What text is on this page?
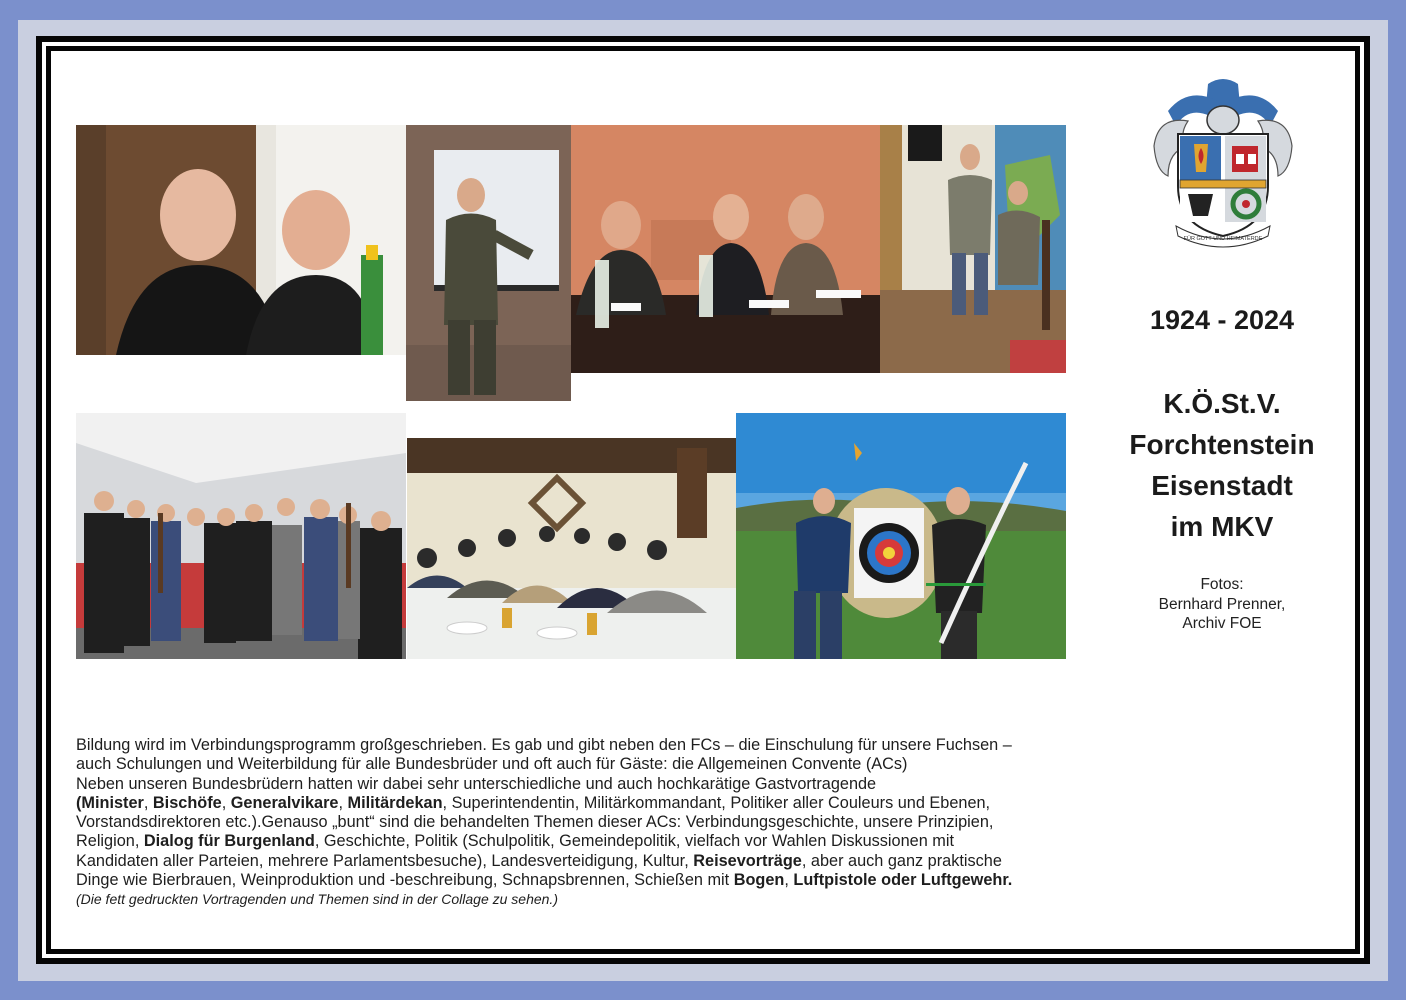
FÜR GOTT UND HEIMATERDE
1924 - 2024
K.Ö.St.V.
Forchtenstein
Eisenstadt
im MKV
Fotos:
Bernhard Prenner,
Archiv FOE
Bildung wird im Verbindungsprogramm großgeschrieben. Es gab und gibt neben den FCs – die Einschulung für unsere Fuchsen –
auch Schulungen und Weiterbildung für alle Bundesbrüder und oft auch für Gäste: die Allgemeinen Convente (ACs)
Neben unseren Bundesbrüdern hatten wir dabei sehr unterschiedliche und auch hochkarätige Gastvortragende
(Minister, Bischöfe, Generalvikare, Militärdekan, Superintendentin, Militärkommandant, Politiker aller Couleurs und Ebenen,
Vorstandsdirektoren etc.).Genauso „bunt“ sind die behandelten Themen dieser ACs: Verbindungsgeschichte, unsere Prinzipien,
Religion, Dialog für Burgenland, Geschichte, Politik (Schulpolitik, Gemeindepolitik, vielfach vor Wahlen Diskussionen mit
Kandidaten aller Parteien, mehrere Parlamentsbesuche), Landesverteidigung, Kultur, Reisevorträge, aber auch ganz praktische
Dinge wie Bierbrauen, Weinproduktion und -beschreibung, Schnapsbrennen, Schießen mit Bogen, Luftpistole oder Luftgewehr.
(Die fett gedruckten Vortragenden und Themen sind in der Collage zu sehen.)
